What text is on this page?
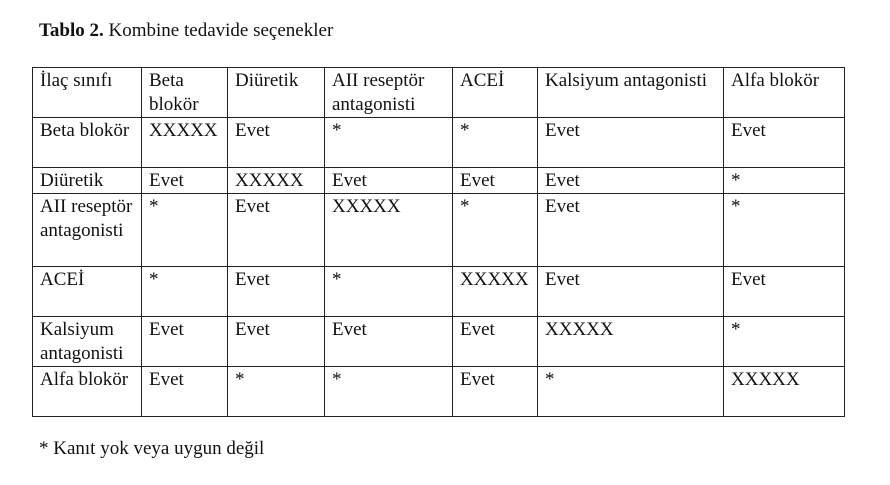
Tablo 2. Kombine tedavide seçenekler
İlaç sınıfı	Beta blokör	Diüretik	AII reseptör antagonisti	ACEİ	Kalsiyum antagonisti	Alfa blokör
Beta blokör	XXXXX	Evet	*	*	Evet	Evet
Diüretik	Evet	XXXXX	Evet	Evet	Evet	*
AII reseptör antagonisti	*	Evet	XXXXX	*	Evet	*
ACEİ	*	Evet	*	XXXXX	Evet	Evet
Kalsiyum antagonisti	Evet	Evet	Evet	Evet	XXXXX	*
Alfa blokör	Evet	*	*	Evet	*	XXXXX
* Kanıt yok veya uygun değil
